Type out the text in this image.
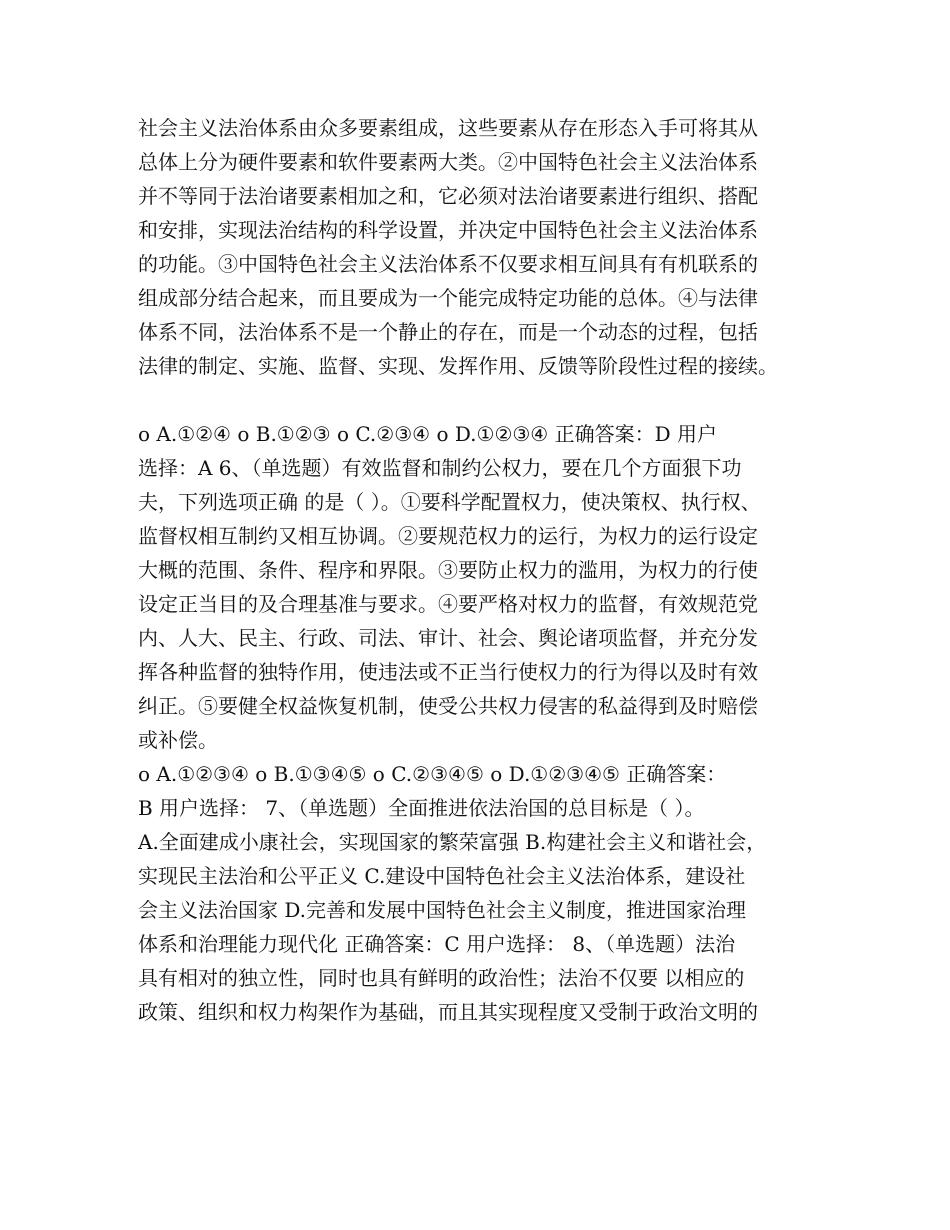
社会主义法治体系由众多要素组成，这些要素从存在形态入手可将其从
总体上分为硬件要素和软件要素两大类。②中国特色社会主义法治体系
并不等同于法治诸要素相加之和，它必须对法治诸要素进行组织、搭配
和安排，实现法治结构的科学设置，并决定中国特色社会主义法治体系
的功能。③中国特色社会主义法治体系不仅要求相互间具有有机联系的
组成部分结合起来，而且要成为一个能完成特定功能的总体。④与法律
体系不同，法治体系不是一个静止的存在，而是一个动态的过程，包括
法律的制定、实施、监督、实现、发挥作用、反馈等阶段性过程的接续。
o A.①②④ o B.①②③ o C.②③④ o D.①②③④ 正确答案：D 用户
选择：A 6、（单选题）有效监督和制约公权力，要在几个方面狠下功
夫，下列选项正确 的是（ ）。①要科学配置权力，使决策权、执行权、
监督权相互制约又相互协调。②要规范权力的运行，为权力的运行设定
大概的范围、条件、程序和界限。③要防止权力的滥用，为权力的行使
设定正当目的及合理基准与要求。④要严格对权力的监督，有效规范党
内、人大、民主、行政、司法、审计、社会、舆论诸项监督，并充分发
挥各种监督的独特作用，使违法或不正当行使权力的行为得以及时有效
纠正。⑤要健全权益恢复机制，使受公共权力侵害的私益得到及时赔偿
或补偿。
o A.①②③④ o B.①③④⑤ o C.②③④⑤ o D.①②③④⑤ 正确答案：
B 用户选择： 7、（单选题）全面推进依法治国的总目标是（ ）。
A.全面建成小康社会，实现国家的繁荣富强 B.构建社会主义和谐社会，
实现民主法治和公平正义 C.建设中国特色社会主义法治体系，建设社
会主义法治国家 D.完善和发展中国特色社会主义制度，推进国家治理
体系和治理能力现代化 正确答案：C 用户选择： 8、（单选题）法治
具有相对的独立性，同时也具有鲜明的政治性；法治不仅要 以相应的
政策、组织和权力构架作为基础，而且其实现程度又受制于政治文明的
